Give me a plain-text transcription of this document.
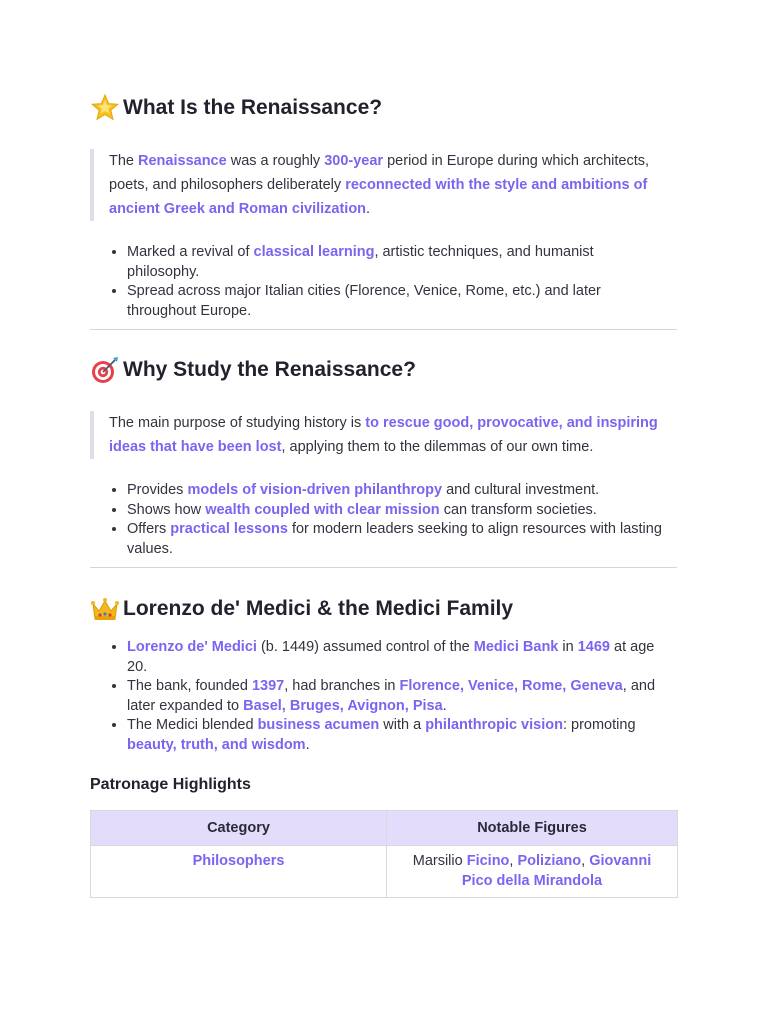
What Is the Renaissance?
The Renaissance was a roughly 300-year period in Europe during which architects, poets, and philosophers deliberately reconnected with the style and ambitions of ancient Greek and Roman civilization.
• Marked a revival of classical learning, artistic techniques, and humanist philosophy.
• Spread across major Italian cities (Florence, Venice, Rome, etc.) and later throughout Europe.
Why Study the Renaissance?
The main purpose of studying history is to rescue good, provocative, and inspiring ideas that have been lost, applying them to the dilemmas of our own time.
• Provides models of vision-driven philanthropy and cultural investment.
• Shows how wealth coupled with clear mission can transform societies.
• Offers practical lessons for modern leaders seeking to align resources with lasting values.
Lorenzo de' Medici & the Medici Family
• Lorenzo de' Medici (b. 1449) assumed control of the Medici Bank in 1469 at age 20.
• The bank, founded 1397, had branches in Florence, Venice, Rome, Geneva, and later expanded to Basel, Bruges, Avignon, Pisa.
• The Medici blended business acumen with a philanthropic vision: promoting beauty, truth, and wisdom.
Patronage Highlights
Category	Notable Figures
Philosophers	Marsilio Ficino, Poliziano, Giovanni Pico della Mirandola
